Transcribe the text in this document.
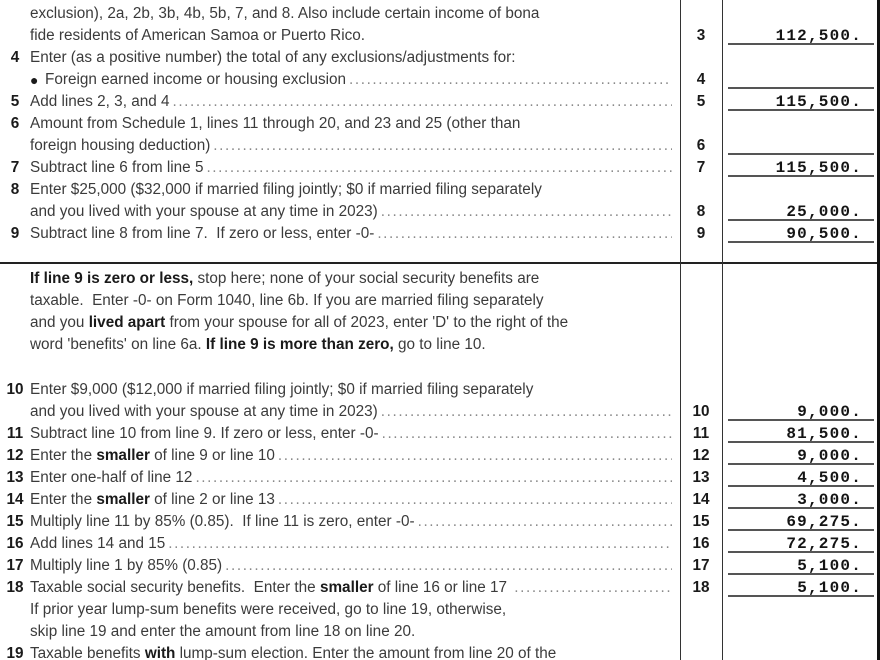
exclusion), 2a, 2b, 3b, 4b, 5b, 7, and 8. Also include certain income of bona
fide residents of American Samoa or Puerto Rico.	3	112,500.
4 Enter (as a positive number) the total of any exclusions/adjustments for:
● Foreign earned income or housing exclusion .....	4
5 Add lines 2, 3, and 4 .....	5	115,500.
6 Amount from Schedule 1, lines 11 through 20, and 23 and 25 (other than
foreign housing deduction) .....	6
7 Subtract line 6 from line 5 .....	7	115,500.
8 Enter $25,000 ($32,000 if married filing jointly; $0 if married filing separately
and you lived with your spouse at any time in 2023) .....	8	25,000.
9 Subtract line 8 from line 7.  If zero or less, enter -0- .....	9	90,500.
If line 9 is zero or less, stop here; none of your social security benefits are
taxable.  Enter -0- on Form 1040, line 6b. If you are married filing separately
and you lived apart from your spouse for all of 2023, enter 'D' to the right of the
word 'benefits' on line 6a. If line 9 is more than zero, go to line 10.
10 Enter $9,000 ($12,000 if married filing jointly; $0 if married filing separately
and you lived with your spouse at any time in 2023) .....	10	9,000.
11 Subtract line 10 from line 9. If zero or less, enter -0- .....	11	81,500.
12 Enter the smaller of line 9 or line 10 .....	12	9,000.
13 Enter one-half of line 12 .....	13	4,500.
14 Enter the smaller of line 2 or line 13 .....	14	3,000.
15 Multiply line 11 by 85% (0.85).  If line 11 is zero, enter -0- .....	15	69,275.
16 Add lines 14 and 15 .....	16	72,275.
17 Multiply line 1 by 85% (0.85) .....	17	5,100.
18 Taxable social security benefits.  Enter the smaller of line 16 or line 17 .....	18	5,100.
If prior year lump-sum benefits were received, go to line 19, otherwise,
skip line 19 and enter the amount from line 18 on line 20.
19 Taxable benefits with lump-sum election. Enter the amount from line 20 of the
